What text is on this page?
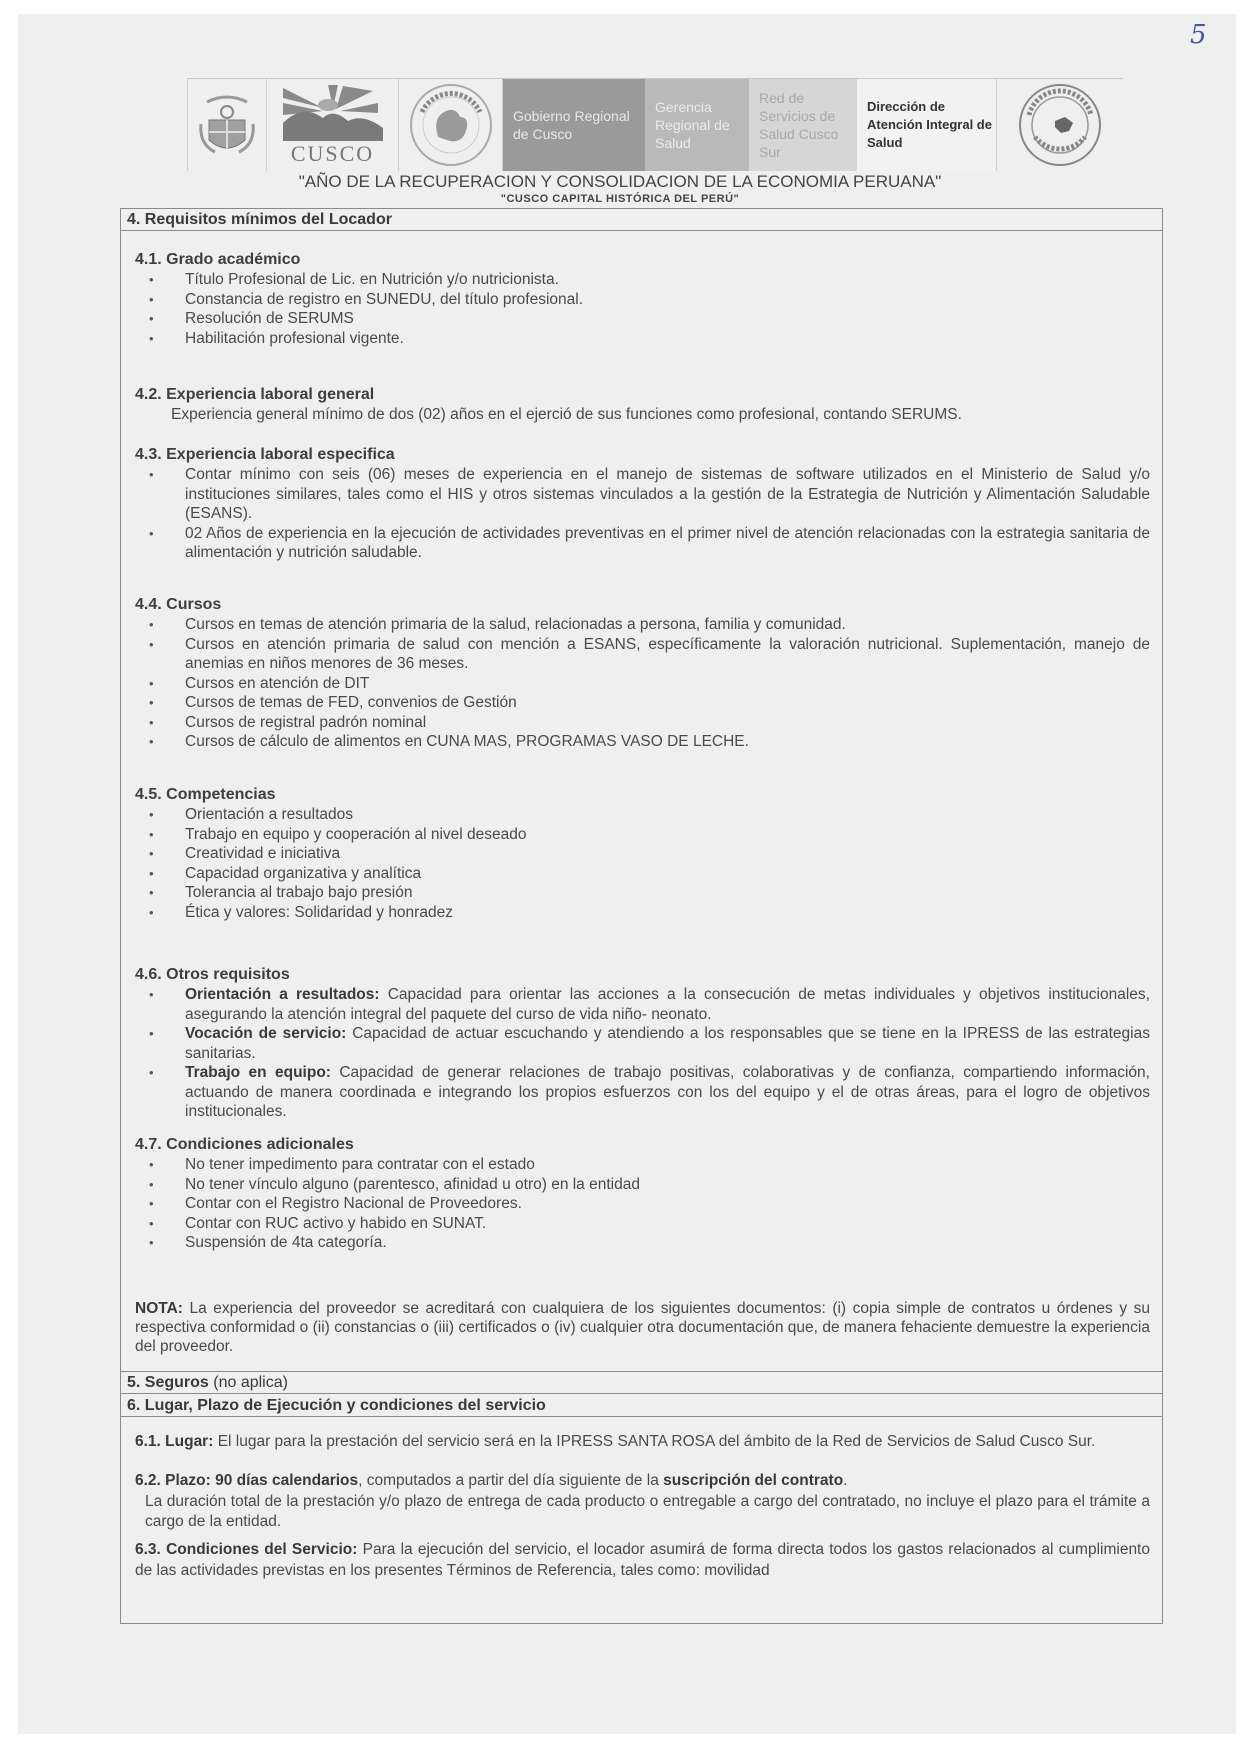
5
CUSCO
Gobierno Regional de Cusco
Gerencia Regional de Salud
Red de Servicios de Salud Cusco Sur
Dirección de Atención Integral de Salud
"AÑO DE LA RECUPERACION Y CONSOLIDACION DE LA ECONOMIA PERUANA"
"CUSCO CAPITAL HISTÓRICA DEL PERÚ"
4. Requisitos mínimos del Locador

4.1. Grado académico

• Título Profesional de Lic. en Nutrición y/o nutricionista.
• Constancia de registro en SUNEDU, del título profesional.
• Resolución de SERUMS
• Habilitación profesional vigente.

4.2. Experiencia laboral general

Experiencia general mínimo de dos (02) años en el ejerció de sus funciones como profesional, contando SERUMS.

4.3. Experiencia laboral especifica

• Contar mínimo con seis (06) meses de experiencia en el manejo de sistemas de software utilizados en el Ministerio de Salud y/o instituciones similares, tales como el HIS y otros sistemas vinculados a la gestión de la Estrategia de Nutrición y Alimentación Saludable (ESANS).
• 02 Años de experiencia en la ejecución de actividades preventivas en el primer nivel de atención relacionadas con la estrategia sanitaria de alimentación y nutrición saludable.

4.4. Cursos

• Cursos en temas de atención primaria de la salud, relacionadas a persona, familia y comunidad.
• Cursos en atención primaria de salud con mención a ESANS, específicamente la valoración nutricional. Suplementación, manejo de anemias en niños menores de 36 meses.
• Cursos en atención de DIT
• Cursos de temas de FED, convenios de Gestión
• Cursos de registral padrón nominal
• Cursos de cálculo de alimentos en CUNA MAS, PROGRAMAS VASO DE LECHE.

4.5. Competencias

• Orientación a resultados
• Trabajo en equipo y cooperación al nivel deseado
• Creatividad e iniciativa
• Capacidad organizativa y analítica
• Tolerancia al trabajo bajo presión
• Ética y valores: Solidaridad y honradez

4.6. Otros requisitos

• Orientación a resultados: Capacidad para orientar las acciones a la consecución de metas individuales y objetivos institucionales, asegurando la atención integral del paquete del curso de vida niño- neonato.
• Vocación de servicio: Capacidad de actuar escuchando y atendiendo a los responsables que se tiene en la IPRESS de las estrategias sanitarias.
• Trabajo en equipo: Capacidad de generar relaciones de trabajo positivas, colaborativas y de confianza, compartiendo información, actuando de manera coordinada e integrando los propios esfuerzos con los del equipo y el de otras áreas, para el logro de objetivos institucionales.

4.7. Condiciones adicionales

• No tener impedimento para contratar con el estado
• No tener vínculo alguno (parentesco, afinidad u otro) en la entidad
• Contar con el Registro Nacional de Proveedores.
• Contar con RUC activo y habido en SUNAT.
• Suspensión de 4ta categoría.
NOTA: La experiencia del proveedor se acreditará con cualquiera de los siguientes documentos: (i) copia simple de contratos u órdenes y su respectiva conformidad o (ii) constancias o (iii) certificados o (iv) cualquier otra documentación que, de manera fehaciente demuestre la experiencia del proveedor.
5. Seguros (no aplica)
6. Lugar, Plazo de Ejecución y condiciones del servicio
6.1. Lugar: El lugar para la prestación del servicio será en la IPRESS SANTA ROSA del ámbito de la Red de Servicios de Salud Cusco Sur.
6.2. Plazo: 90 días calendarios, computados a partir del día siguiente de la suscripción del contrato.
La duración total de la prestación y/o plazo de entrega de cada producto o entregable a cargo del contratado, no incluye el plazo para el trámite a cargo de la entidad.
6.3. Condiciones del Servicio: Para la ejecución del servicio, el locador asumirá de forma directa todos los gastos relacionados al cumplimiento de las actividades previstas en los presentes Términos de Referencia, tales como: movilidad
